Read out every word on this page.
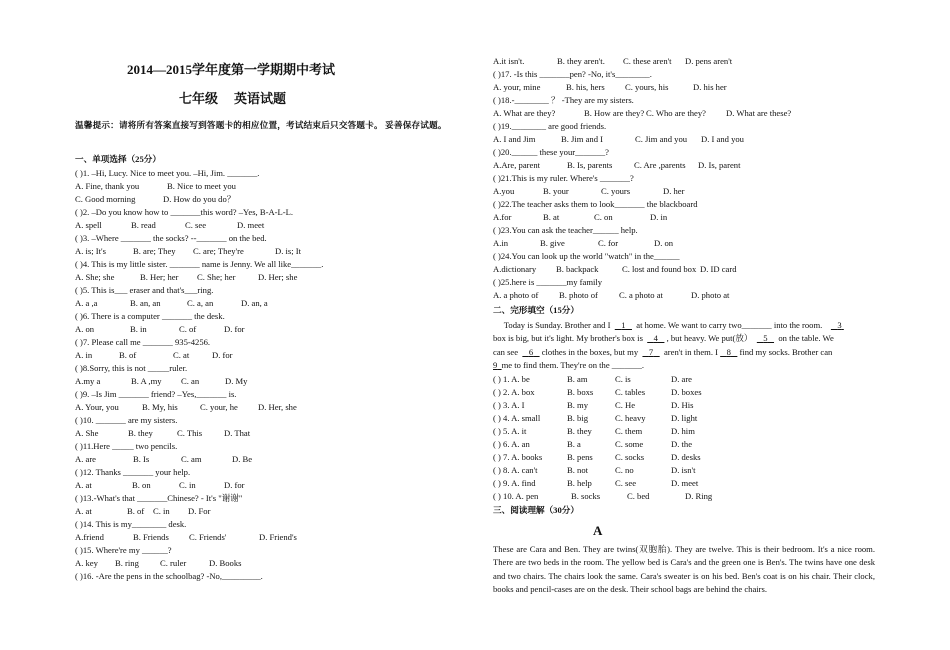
2014—2015学年度第一学期期中考试
七年级 英语试题
温馨提示：请将所有答案直接写到答题卡的相应位置，考试结束后只交答题卡。 妥善保存试题。
一、单项选择（25分）
( )1. –Hi, Lucy. Nice to meet you. –Hi, Jim. _______.
A. Fine, thank you	B. Nice to meet you
C. Good morning	D. How do you do？
( )2. –Do you know how to _______this word? –Yes, B-A-L-L.
A. spell	B. read	C. see	D. meet
( )3. –Where _______ the socks? --_______ on the bed.
A. is; It's	B. are; They C. are; They're	D. is; It
( )4. This is my little sister. _______ name is Jenny. We all like_______.
A. She; she	B. Her; her C. She; her	D. Her; she
( )5. This is___ eraser and that's___ring.
A. a ,a	B. an, an	C. a, an	D. an, a
( )6. There is a computer _______ the desk.
A. on	B. in	C. of	D. for
( )7. Please call me _______ 935-4256.
A. in	B. of	C. at	D. for
( )8.Sorry, this is not _____ruler.
A.my a	B. A ,my C. an	D. My
( )9. –Is Jim _______ friend? –Yes,_______ is.
A. Your, you	B. My, his	C. your, he D. Her, she
( )10. _______ are my sisters.
A. She	B. they	C. This	D. That
( )11.Here _____ two pencils.
A. are	B. Is	C. am	D. Be
( )12. Thanks _______ your help.
A. at	B. on	C. in	D. for
( )13.-What's that _______Chinese? - It's "谢谢"
A. at	B. of C. in D. For
( )14. This is my________ desk.
A.friend	B. Friends C. Friends'	D. Friend's
( )15. Where're my ______?
A. key B. ring C. ruler	D. Books
( )16. -Are the pens in the schoolbag? -No,_________.
A.it isn't.	B. they aren't. C. these aren't D. pens aren't
( )17. -Is this _______pen? -No, it's________.
A. your, mine	B. his, hers C. yours, his	D. his her
( )18.-________ ？ -They are my sisters.
A. What are they?	B. How are they? C. Who are they? D. What are these?
( )19.________ are good friends.
A. I and Jim	B. Jim and I	C. Jim and you D. I and you
( )20.______ these your_______?
A.Are, parent	B. Is, parents	C. Are ,parents D. Is, parent
( )21.This is my ruler. Where's _______?
A.you	B. your	C. yours	D. her
( )22.The teacher asks them to look_______ the blackboard
A.for	B. at	C. on	D. in
( )23.You can ask the teacher______ help.
A.in	B. give	C. for	D. on
( )24.You can look up the world "watch" in the______
A.dictionary B. backpack	C. lost and found box D. ID card
( )25.here is _______my family
A. a photo of B. photo of C. a photo at	D. photo at
二、完形填空（15分）
Today is Sunday. Brother and I 1 at home. We want to carry two_______ into the room. 3
box is big, but it's light. My brother's box is 4 , but heavy. We put(放） 5 on the table. We
can see 6 clothes in the boxes, but my 7 aren't in them. I 8 find my socks. Brother can
9 me to find them. They're on the _______.
( ) 1. A. be	B. am	C. is	D. are
( ) 2. A. box	B. boxs	C. tables	D. boxes
( ) 3. A. I	B. my	C. He	D. His
( ) 4. A. small	B. big	C. heavy	D. light
( ) 5. A. it	B. they	C. them	D. him
( ) 6. A. an	B. a	C. some	D. the
( ) 7. A. books	B. pens	C. socks	D. desks
( ) 8. A. can't	B. not	C. no	D. isn't
( ) 9. A. find	B. help	C. see	D. meet
( ) 10. A. pen	B. socks	C. bed	D. Ring
三、阅读理解（30分）
A
These are Cara and Ben. They are twins(双胞胎). They are twelve. This is their bedroom. It's a nice room. There are two beds in the room. The yellow bed is Cara's and the green one is Ben's. The twins have one desk and two chairs. The chairs look the same. Cara's sweater is on his bed. Ben's coat is on his chair. Their clock, books and pencil-cases are on the desk. Their school bags are behind the chairs.
